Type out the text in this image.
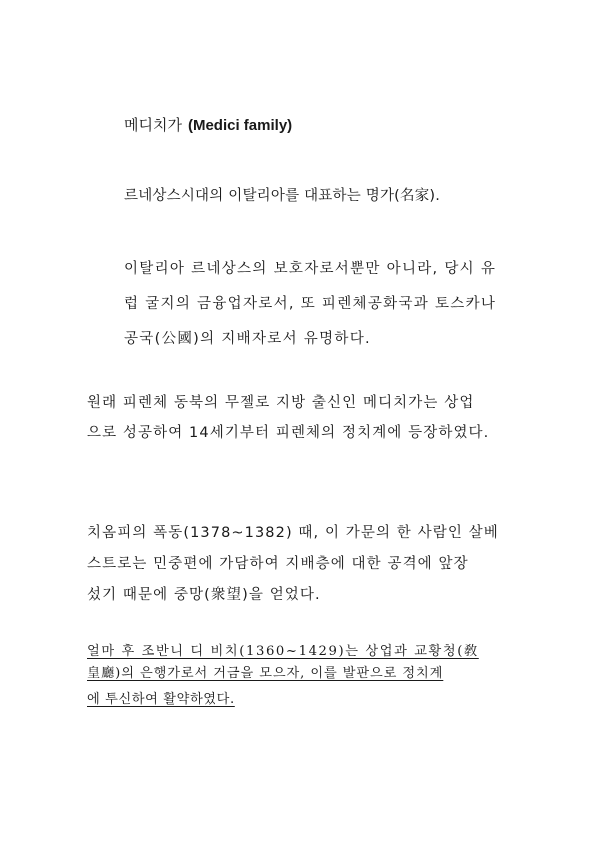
메디치가 (Medici family)
르네상스시대의 이탈리아를 대표하는 명가(名家).
이탈리아 르네상스의 보호자로서뿐만 아니라, 당시 유
럽 굴지의 금융업자로서, 또 피렌체공화국과 토스카나
공국(公國)의 지배자로서 유명하다.
원래 피렌체 동북의 무젤로 지방 출신인 메디치가는 상업
으로 성공하여 14세기부터 피렌체의 정치계에 등장하였다.
치옴피의 폭동(1378~1382) 때, 이 가문의 한 사람인 살베
스트로는 민중편에 가담하여 지배층에 대한 공격에 앞장
섰기 때문에 중망(衆望)을 얻었다.
얼마 후 조반니 디 비치(1360~1429)는 상업과 교황청(敎
皇廳)의 은행가로서 거금을 모으자, 이를 발판으로 정치계
에 투신하여 활약하였다.
